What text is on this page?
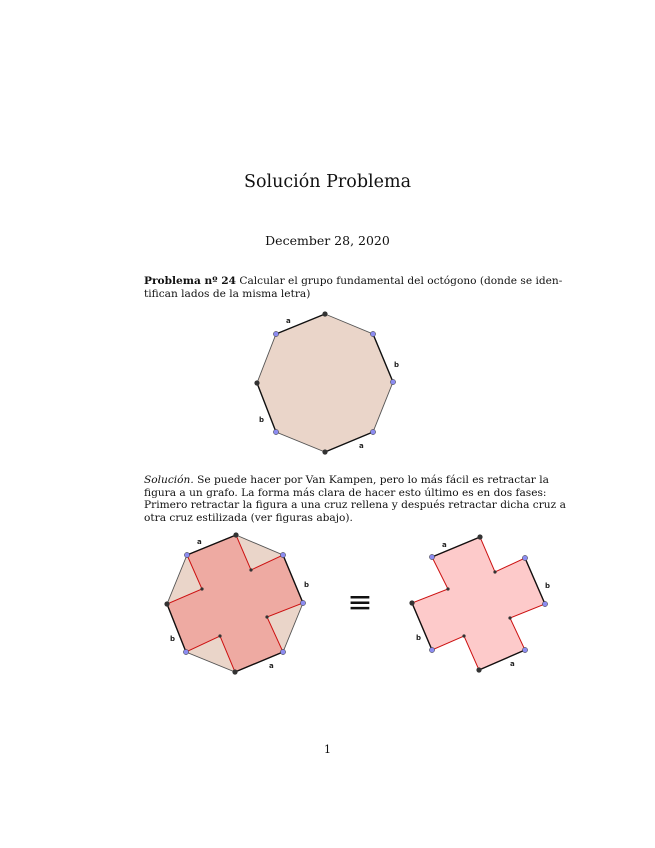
Solución Problema
December 28, 2020
Problema nº 24 Calcular el grupo fundamental del octógono (donde se iden-
tifican lados de la misma letra)
a
b
b
a
Solución. Se puede hacer por Van Kampen, pero lo más fácil es retractar la
figura a un grafo. La forma más clara de hacer esto último es en dos fases:
Primero retractar la figura a una cruz rellena y después retractar dicha cruz a
otra cruz estilizada (ver figuras abajo).
a
b
b
a
≡
a
b
b
a
1
